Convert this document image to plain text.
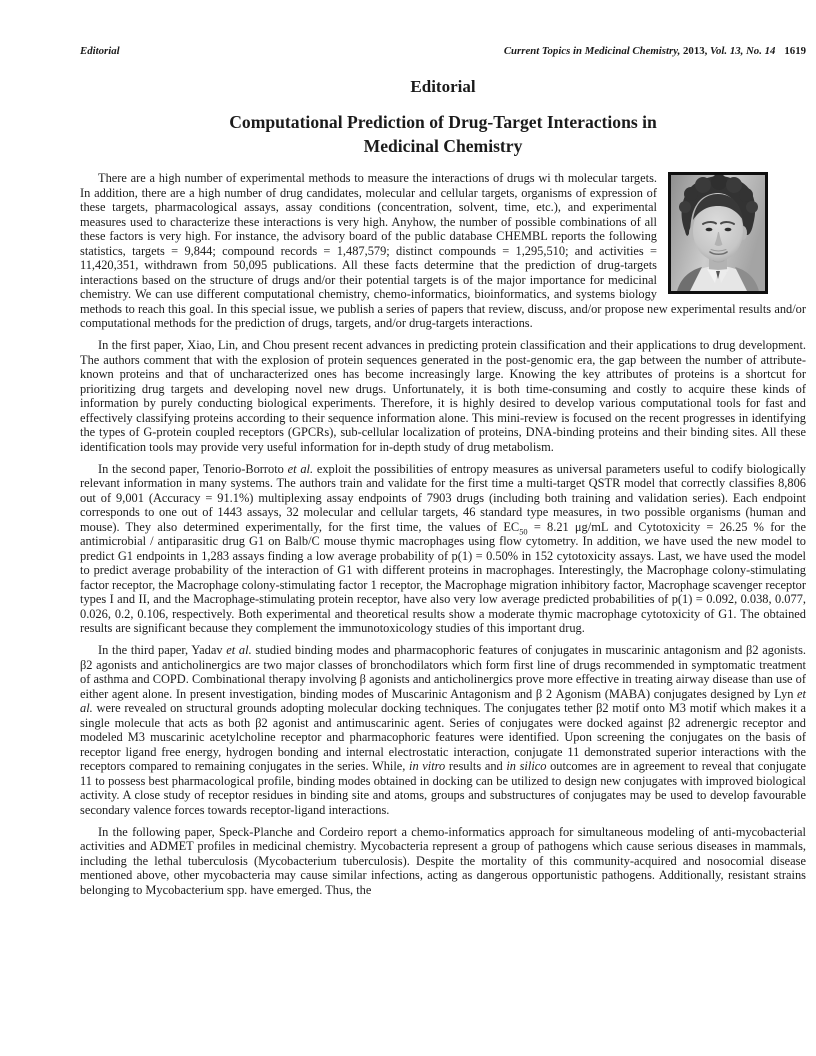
Editorial	Current Topics in Medicinal Chemistry, 2013, Vol. 13, No. 14 1619
Editorial
Computational Prediction of Drug-Target Interactions in
Medicinal Chemistry

There are a high number of experimental methods to measure the interactions of drugs wi th molecular targets. In addition, there are a high number of drug candidates, molecular and cellular targets, organisms of expression of these targets, pharmacological assays, assay conditions (concentration, solvent, time, etc.), and experimental measures used to characterize these interactions is very high. Anyhow, the number of possible combinations of all these factors is very high. For instance, the advisory board of the public database CHEMBL reports the following statistics, targets = 9,844; compound records = 1,487,579; distinct compounds = 1,295,510; and activities = 11,420,351, withdrawn from 50,095 publications. All these facts determine that the prediction of drug-targets interactions based on the structure of drugs and/or their potential targets is of the major importance for medicinal chemistry. We can use different computational chemistry, chemo-informatics, bioinformatics, and systems biology methods to reach this goal. In this special issue, we publish a series of papers that review, discuss, and/or propose new experimental results and/or computational methods for the prediction of drugs, targets, and/or drug-targets interactions.

In the first paper, Xiao, Lin, and Chou present recent advances in predicting protein classification and their applications to drug development. The authors comment that with the explosion of protein sequences generated in the post-genomic era, the gap between the number of attribute-known proteins and that of uncharacterized ones has become increasingly large. Knowing the key attributes of proteins is a shortcut for prioritizing drug targets and developing novel new drugs. Unfortunately, it is both time-consuming and costly to acquire these kinds of information by purely conducting biological experiments. Therefore, it is highly desired to develop various computational tools for fast and effectively classifying proteins according to their sequence information alone. This mini-review is focused on the recent progresses in identifying the types of G-protein coupled receptors (GPCRs), sub-cellular localization of proteins, DNA-binding proteins and their binding sites. All these identification tools may provide very useful information for in-depth study of drug metabolism.

In the second paper, Tenorio-Borroto et al. exploit the possibilities of entropy measures as universal parameters useful to codify biologically relevant information in many systems. The authors train and validate for the first time a multi-target QSTR model that correctly classifies 8,806 out of 9,001 (Accuracy = 91.1%) multiplexing assay endpoints of 7903 drugs (including both training and validation series). Each endpoint corresponds to one out of 1443 assays, 32 molecular and cellular targets, 46 standard type measures, in two possible organisms (human and mouse). They also determined experimentally, for the first time, the values of $EC_{50} = 8.21$ μg/mL and Cytotoxicity = 26.25 % for the antimicrobial / antiparasitic drug G1 on Balb/C mouse thymic macrophages using flow cytometry. In addition, we have used the new model to predict G1 endpoints in 1,283 assays finding a low average probability of p(1) = 0.50% in 152 cytotoxicity assays. Last, we have used the model to predict average probability of the interaction of G1 with different proteins in macrophages. Interestingly, the Macrophage colony-stimulating factor receptor, the Macrophage colony-stimulating factor 1 receptor, the Macrophage migration inhibitory factor, Macrophage scavenger receptor types I and II, and the Macrophage-stimulating protein receptor, have also very low average predicted probabilities of p(1) = 0.092, 0.038, 0.077, 0.026, 0.2, 0.106, respectively. Both experimental and theoretical results show a moderate thymic macrophage cytotoxicity of G1. The obtained results are significant because they complement the immunotoxicology studies of this important drug.

In the third paper, Yadav et al. studied binding modes and pharmacophoric features of conjugates in muscarinic antagonism and β2 agonists. β2 agonists and anticholinergics are two major classes of bronchodilators which form first line of drugs recommended in symptomatic treatment of asthma and COPD. Combinational therapy involving β agonists and anticholinergics prove more effective in treating airway disease than use of either agent alone. In present investigation, binding modes of Muscarinic Antagonism and β 2 Agonism (MABA) conjugates designed by Lyn et al. were revealed on structural grounds adopting molecular docking techniques. The conjugates tether β2 motif onto M3 motif which makes it a single molecule that acts as both β2 agonist and antimuscarinic agent. Series of conjugates were docked against β2 adrenergic receptor and modeled M3 muscarinic acetylcholine receptor and pharmacophoric features were identified. Upon screening the conjugates on the basis of receptor ligand free energy, hydrogen bonding and internal electrostatic interaction, conjugate 11 demonstrated superior interactions with the receptors compared to remaining conjugates in the series. While, in vitro results and in silico outcomes are in agreement to reveal that conjugate 11 to possess best pharmacological profile, binding modes obtained in docking can be utilized to design new conjugates with improved biological activity. A close study of receptor residues in binding site and atoms, groups and substructures of conjugates may be used to develop favourable secondary valence forces towards receptor-ligand interactions.

In the following paper, Speck-Planche and Cordeiro report a chemo-informatics approach for simultaneous modeling of anti-mycobacterial activities and ADMET profiles in medicinal chemistry. Mycobacteria represent a group of pathogens which cause serious diseases in mammals, including the lethal tuberculosis (Mycobacterium tuberculosis). Despite the mortality of this community-acquired and nosocomial disease mentioned above, other mycobacteria may cause similar infections, acting as dangerous opportunistic pathogens. Additionally, resistant strains belonging to Mycobacterium spp. have emerged. Thus, the
